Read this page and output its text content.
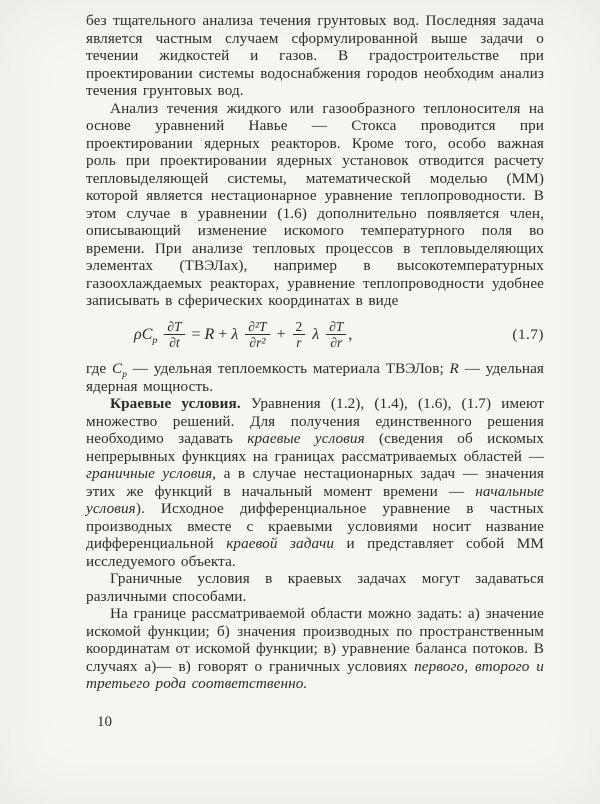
без тщательного анализа течения грунтовых вод. Последняя задача является частным случаем сформулированной выше задачи о течении жидкостей и газов. В градостроительстве при проектировании системы водоснабжения городов необходим анализ течения грунтовых вод.

Анализ течения жидкого или газообразного теплоносителя на основе уравнений Навье — Стокса проводится при проектировании ядерных реакторов. Кроме того, особо важная роль при проектировании ядерных установок отводится расчету тепловыделяющей системы, математической моделью (ММ) которой является нестационарное уравнение теплопроводности. В этом случае в уравнении (1.6) дополнительно появляется член, описывающий изменение искомого температурного поля во времени. При анализе тепловых процессов в тепловыделяющих элементах (ТВЭЛах), например в высокотемпературных газоохлаждаемых реакторах, уравнение теплопроводности удобнее записывать в сферических координатах в виде

$\rho C_p \frac{\partial T}{\partial t} = R + \lambda \frac{\text{∂²T}}{\text{∂r²}} + \frac{2}{r}$ λ $\frac{\partial T}{\partial r}$ ,	(1.7)

где $C_p$ — удельная теплоемкость материала ТВЭЛов; R — удельная ядерная мощность.

Краевые условия. Уравнения (1.2), (1.4), (1.6), (1.7) имеют множество решений. Для получения единственного решения необходимо задавать краевые условия (сведения об искомых непрерывных функциях на границах рассматриваемых областей — граничные условия, а в случае нестационарных задач — значения этих же функций в начальный момент времени — начальные условия). Исходное дифференциальное уравнение в частных производных вместе с краевыми условиями носит название дифференциальной краевой задачи и представляет собой ММ исследуемого объекта.

Граничные условия в краевых задачах могут задаваться различными способами.

На границе рассматриваемой области можно задать: а) значение искомой функции; б) значения производных по пространственным координатам от искомой функции; в) уравнение баланса потоков. В случаях а)— в) говорят о граничных условиях первого, второго и третьего рода соответственно.

10
